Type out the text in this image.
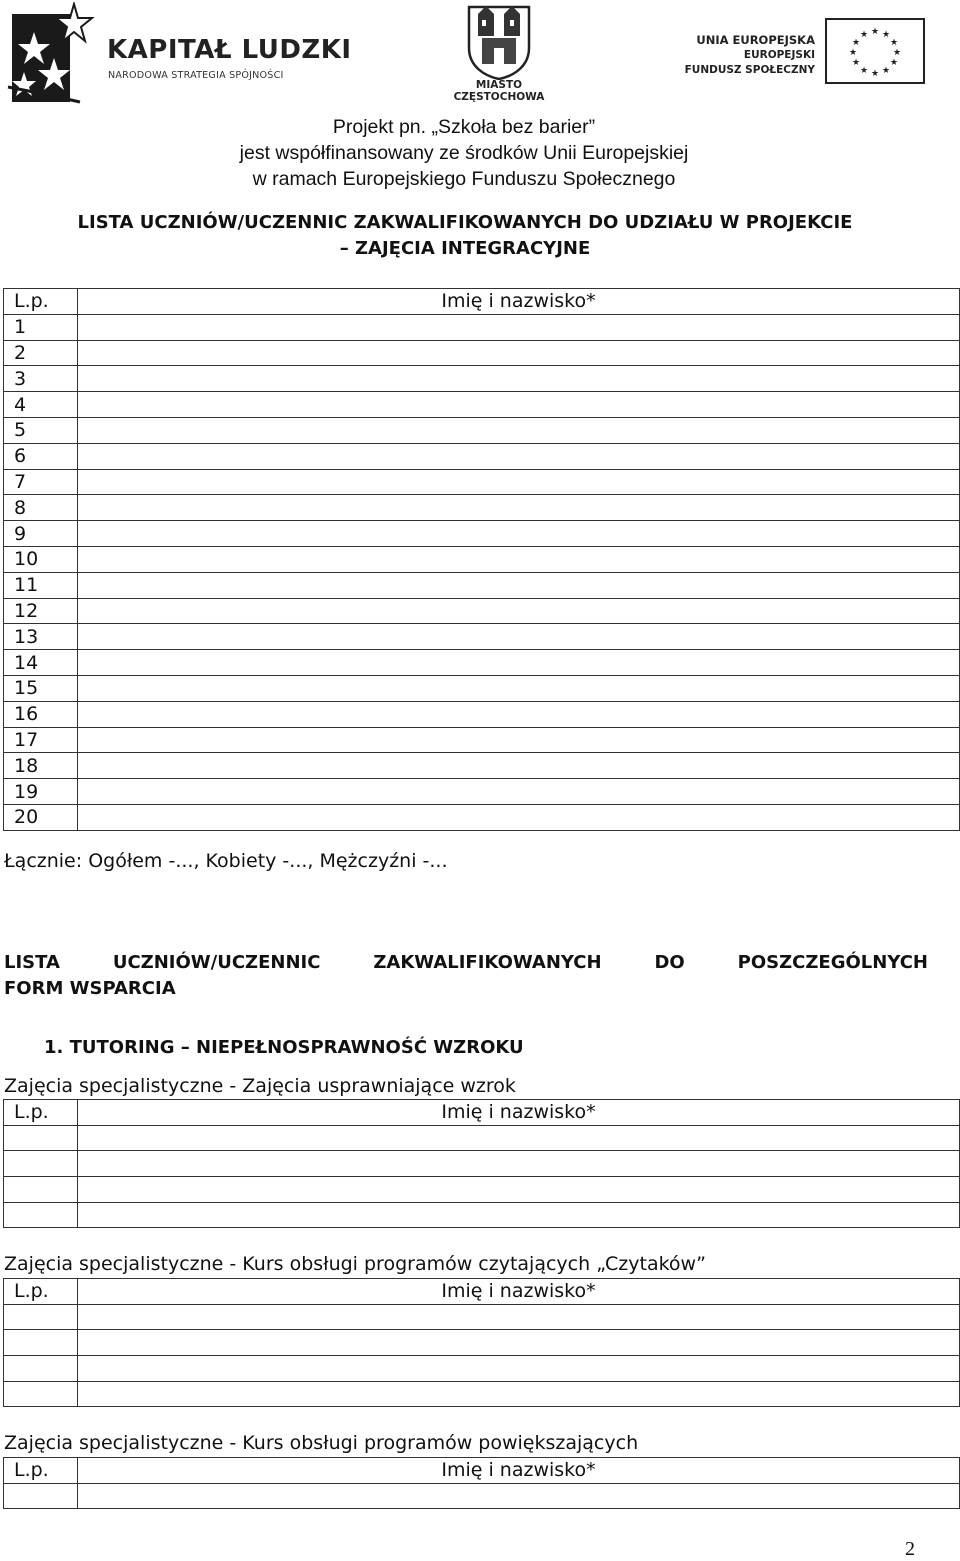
KAPITAŁ LUDZKI
NARODOWA STRATEGIA SPÓJNOŚCI
MIASTO
CZĘSTOCHOWA
UNIA EUROPEJSKA
EUROPEJSKI
FUNDUSZ SPOŁECZNY
★ ★
★
★
★
★
★
★
★
★
★
★
Projekt pn. „Szkoła bez barier”
jest współfinansowany ze środków Unii Europejskiej
w ramach Europejskiego Funduszu Społecznego
LISTA UCZNIÓW/UCZENNIC ZAKWALIFIKOWANYCH DO UDZIAŁU W PROJEKCIE
– ZAJĘCIA INTEGRACYJNE
L.p.	Imię i nazwisko*
1	
2	
3	
4	
5	
6	
7	
8	
9	
10	
11	
12	
13	
14	
15	
16	
17	
18	
19	
20	
Łącznie: Ogółem -..., Kobiety -..., Mężczyźni -...
LISTA	UCZNIÓW/UCZENNIC	ZAKWALIFIKOWANYCH	DO	POSZCZEGÓLNYCH
FORM WSPARCIA
1. TUTORING – NIEPEŁNOSPRAWNOŚĆ WZROKU
Zajęcia specjalistyczne - Zajęcia usprawniające wzrok
L.p.	Imię i nazwisko*

Zajęcia specjalistyczne - Kurs obsługi programów czytających „Czytaków”
L.p.	Imię i nazwisko*

Zajęcia specjalistyczne - Kurs obsługi programów powiększających
L.p.	Imię i nazwisko*

2
